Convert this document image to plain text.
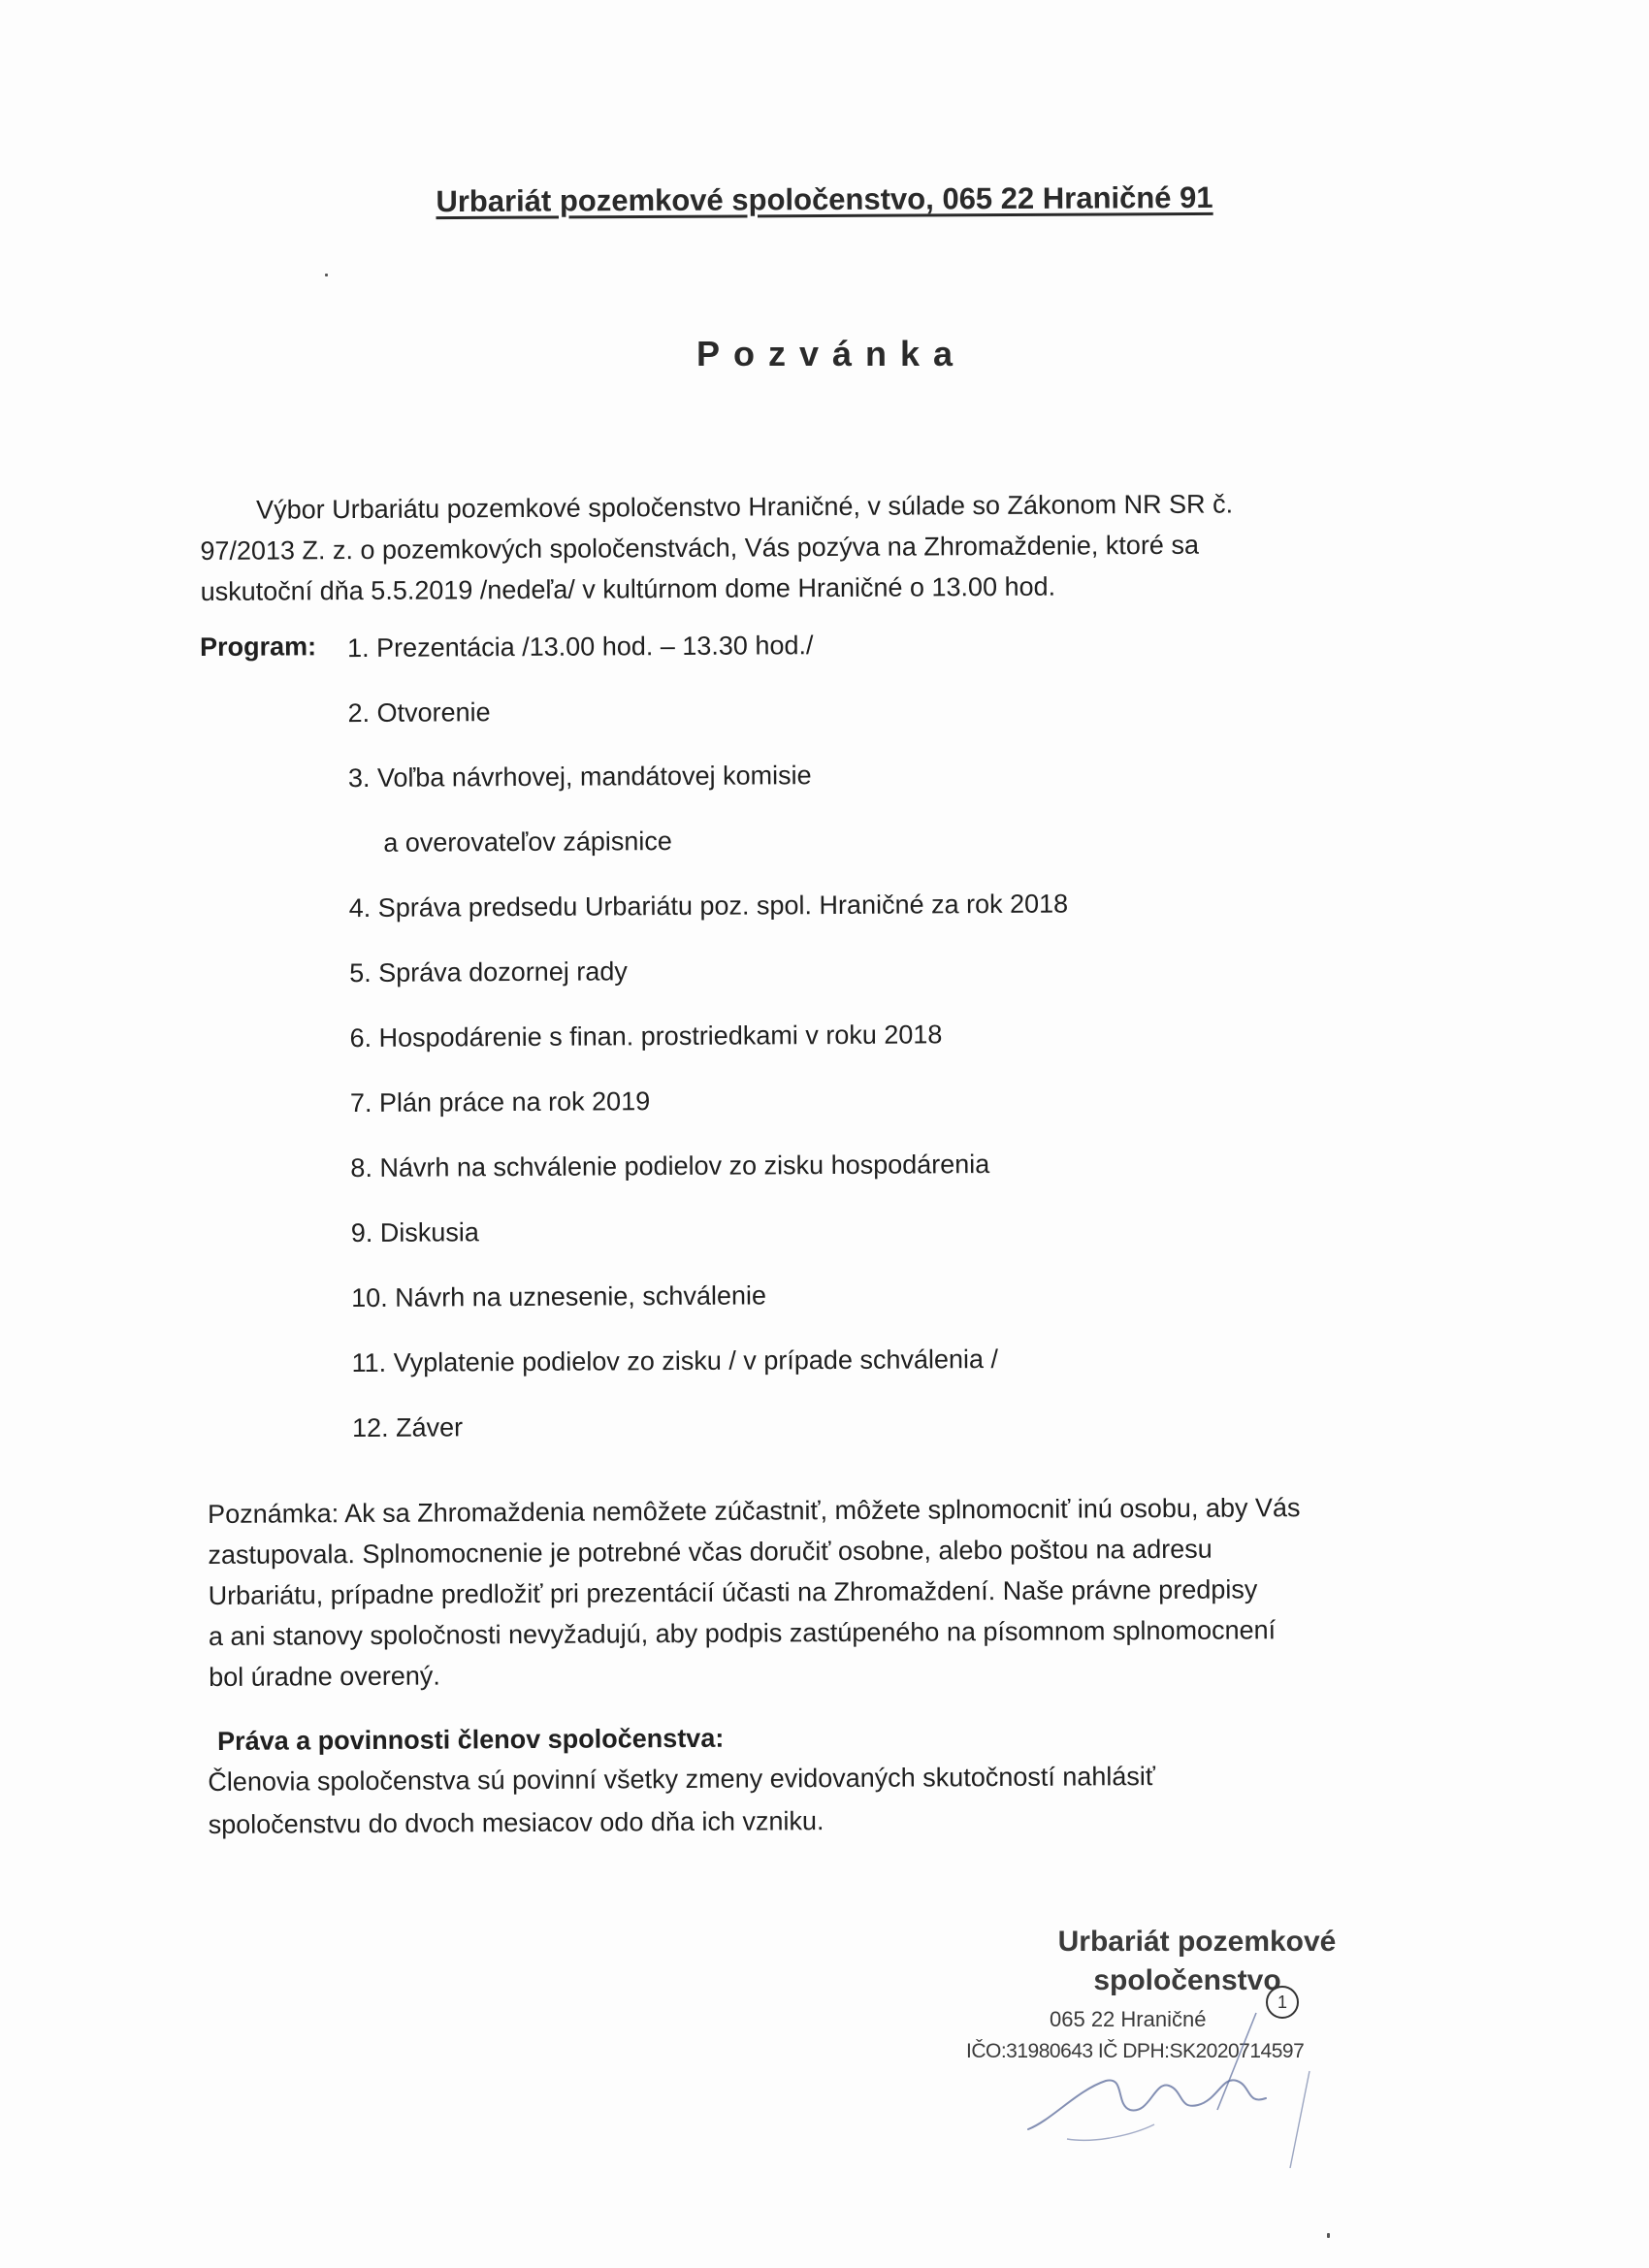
Urbariát pozemkové spoločenstvo, 065 22 Hraničné 91
Pozvánka

Výbor Urbariátu pozemkové spoločenstvo Hraničné, v súlade so Zákonom NR SR č.

97/2013 Z. z. o pozemkových spoločenstvách, Vás pozýva na Zhromaždenie, ktoré sa

uskutoční dňa 5.5.2019 /nedeľa/ v kultúrnom dome Hraničné o 13.00 hod.

Program: 1. Prezentácia /13.00 hod. – 13.30 hod./
2. Otvorenie
3. Voľba návrhovej, mandátovej komisie
a overovateľov zápisnice
4. Správa predsedu Urbariátu poz. spol. Hraničné za rok 2018
5. Správa dozornej rady
6. Hospodárenie s finan. prostriedkami v roku 2018
7. Plán práce na rok 2019
8. Návrh na schválenie podielov zo zisku hospodárenia
9. Diskusia
10. Návrh na uznesenie, schválenie
11. Vyplatenie podielov zo zisku / v prípade schválenia /
12. Záver

Poznámka: Ak sa Zhromaždenia nemôžete zúčastniť, môžete splnomocniť inú osobu, aby Vás

zastupovala. Splnomocnenie je potrebné včas doručiť osobne, alebo poštou na adresu

Urbariátu, prípadne predložiť pri prezentácií účasti na Zhromaždení. Naše právne predpisy

a ani stanovy spoločnosti nevyžadujú, aby podpis zastúpeného na písomnom splnomocnení

bol úradne overený.

Práva a povinnosti členov spoločenstva:

Členovia spoločenstva sú povinní všetky zmeny evidovaných skutočností nahlásiť

spoločenstvu do dvoch mesiacov odo dňa ich vzniku.

Urbariát pozemkové
spoločenstvo
065 22 Hraničné
IČO:31980643 IČ DPH:SK2020714597
1
